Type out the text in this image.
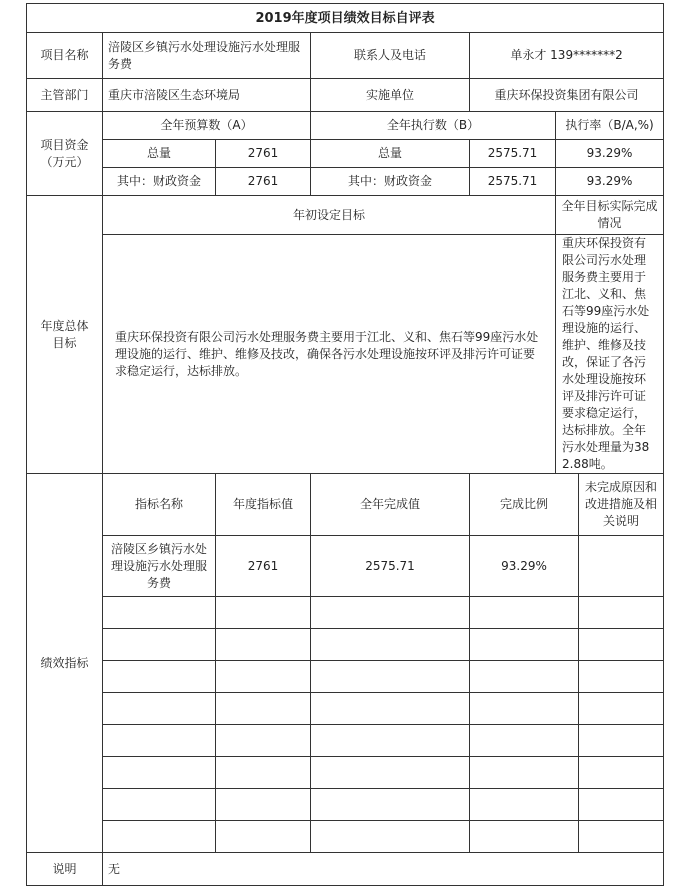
2019年度项目绩效目标自评表						
项目名称	涪陵区乡镇污水处理设施污水处理服务费		联系人及电话	单永才 139*******2		
主管部门	重庆市涪陵区生态环境局		实施单位	重庆环保投资集团有限公司		
项目资金
（万元）	全年预算数（A）		全年执行数（B）		执行率（B/A,%)	
	总量	2761	总量	2575.71	93.29%	
	其中：财政资金	2761	其中：财政资金	2575.71	93.29%	
年度总体
目标	年初设定目标				全年目标实际完成情况	
	重庆环保投资有限公司污水处理服务费主要用于江北、义和、焦石等99座污水处理设施的运行、维护、维修及技改，确保各污水处理设施按环评及排污许可证要求稳定运行，达标排放。				重庆环保投资有限公司污水处理服务费主要用于江北、义和、焦石等99座污水处理设施的运行、维护、维修及技改，保证了各污水处理设施按环评及排污许可证要求稳定运行，达标排放。全年污水处理量为382.88吨。	
绩效指标	指标名称	年度指标值	全年完成值	完成比例		未完成原因和改进措施及相关说明
	涪陵区乡镇污水处理设施污水处理服务费	2761	2575.71	93.29%		

说明	无					
